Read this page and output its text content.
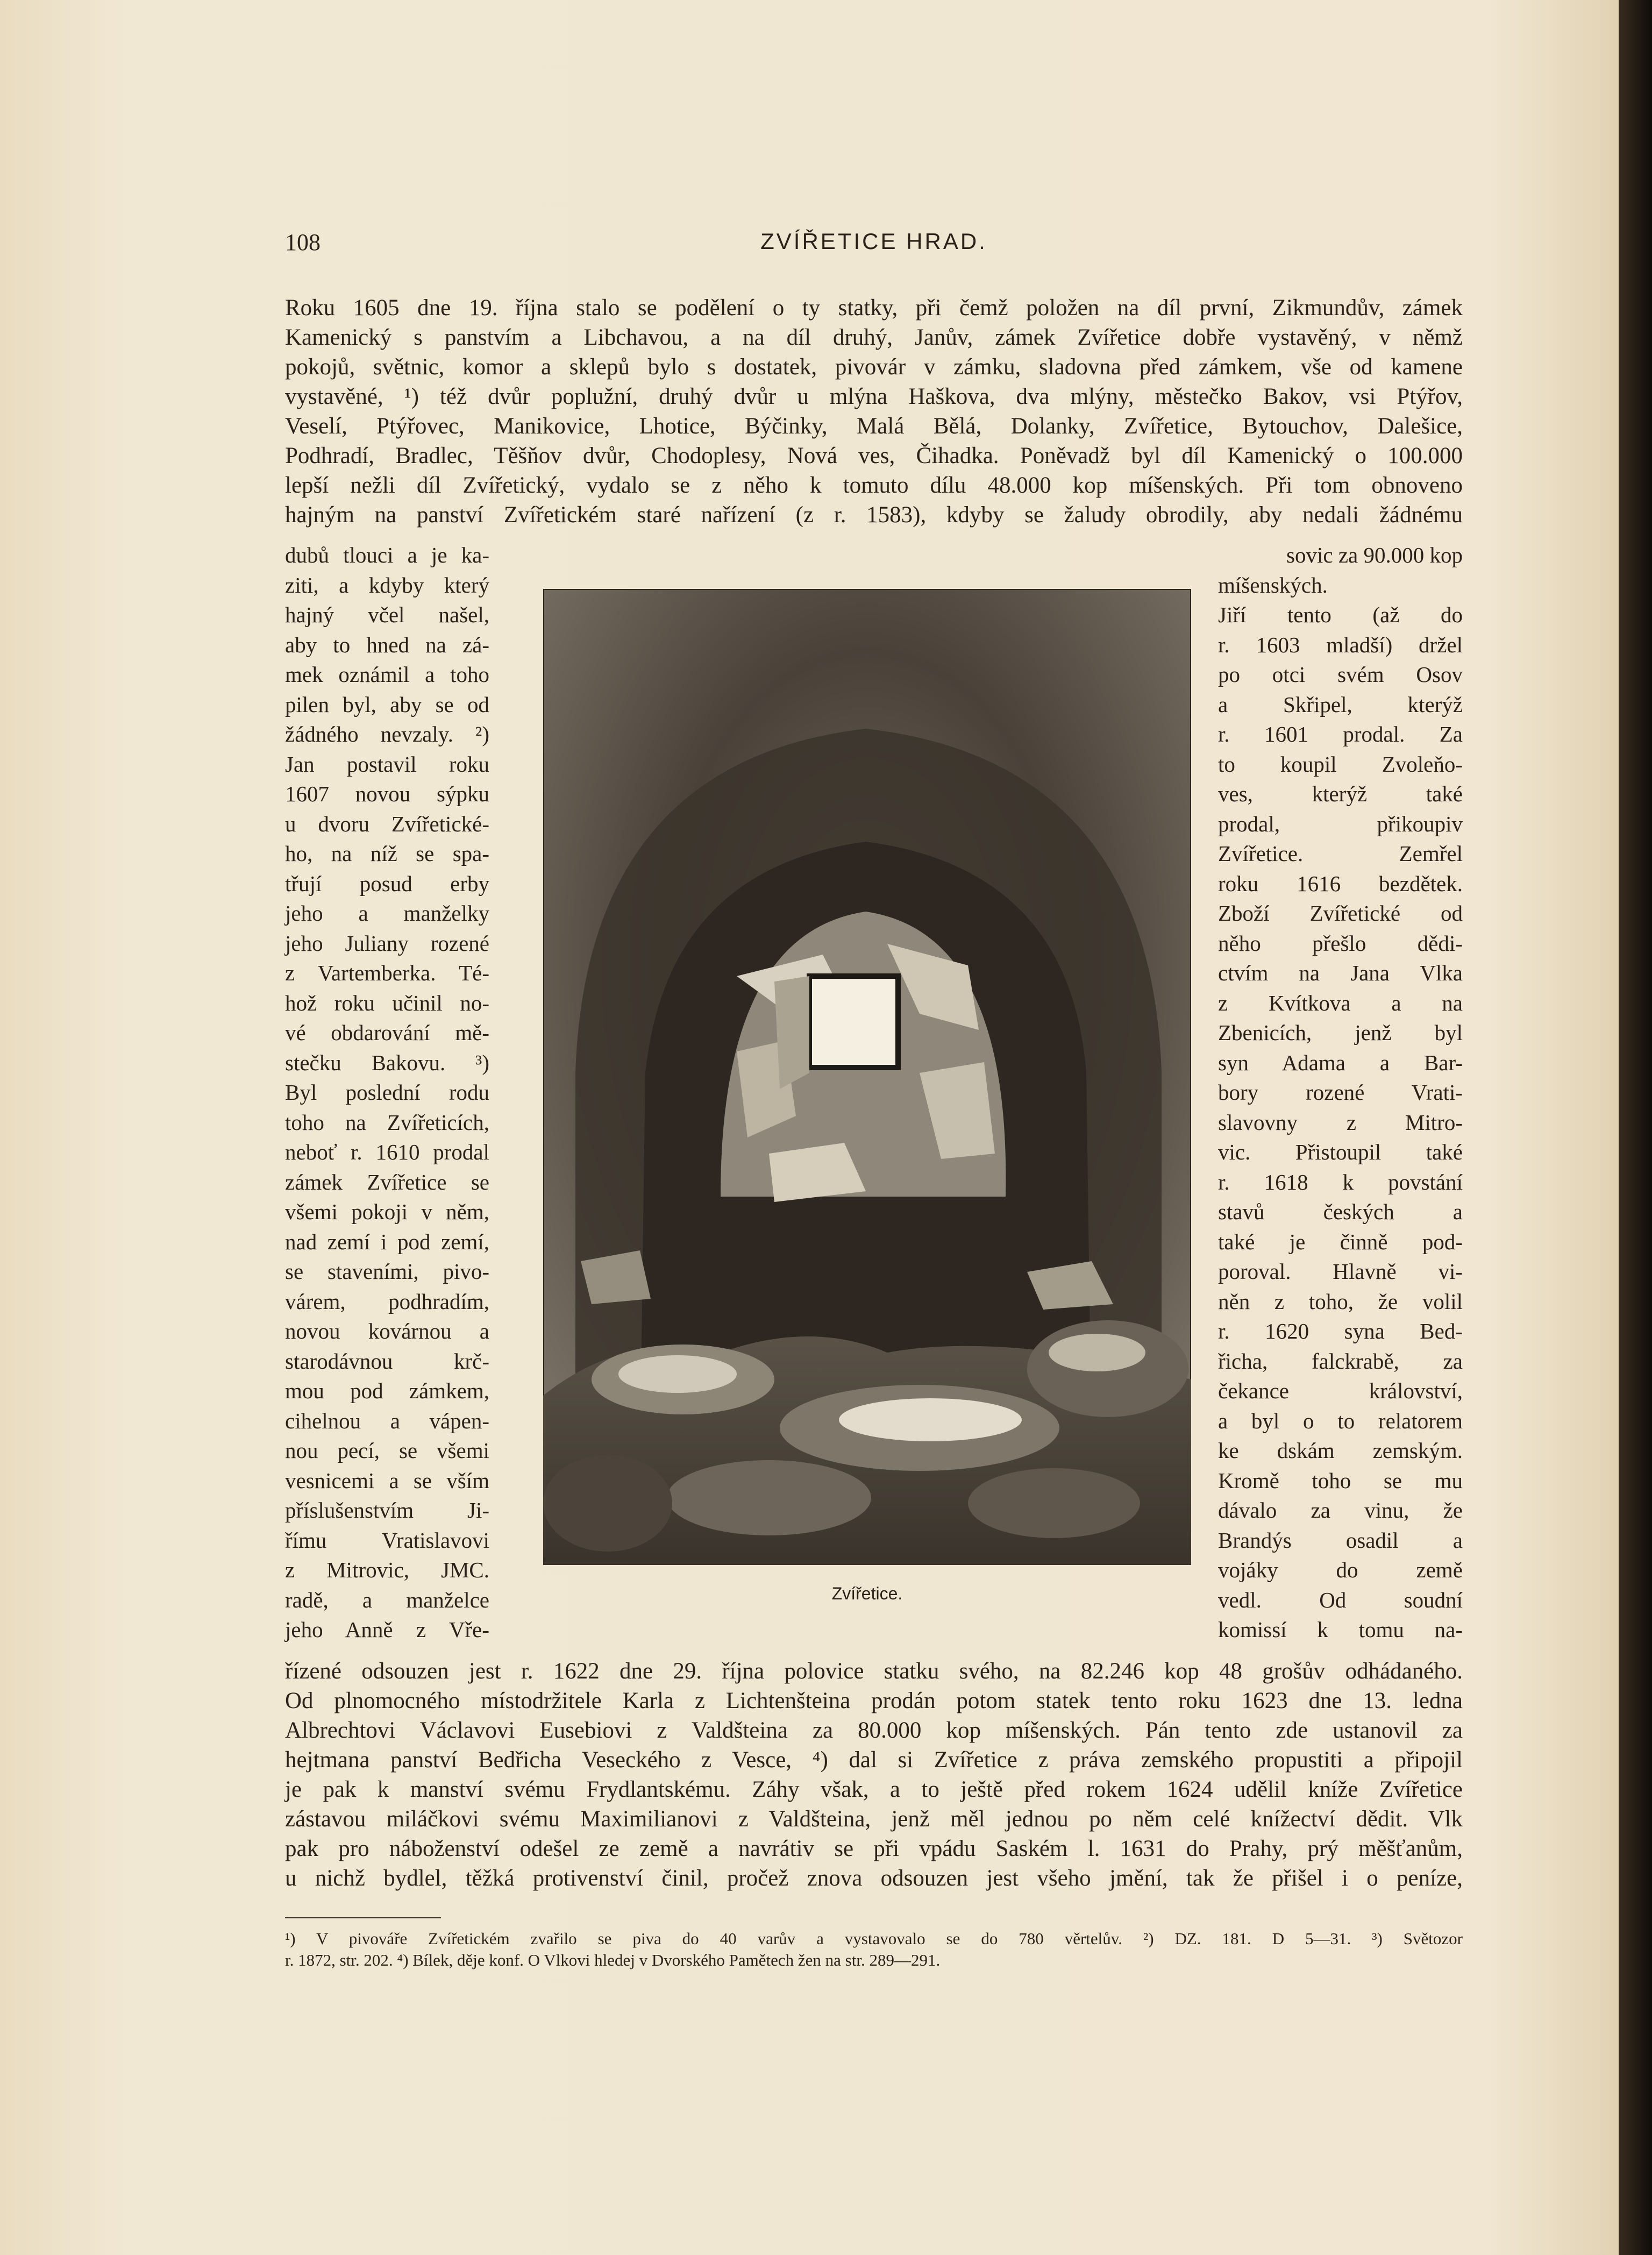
108	ZVÍŘETICE HRAD.
Roku 1605 dne 19. října stalo se podělení o ty statky, při čemž položen na díl první, Zikmundův, zámek
Kamenický s panstvím a Libchavou, a na díl druhý, Janův, zámek Zvířetice dobře vystavěný, v němž
pokojů, světnic, komor a sklepů bylo s dostatek, pivovár v zámku, sladovna před zámkem, vše od kamene
vystavěné, ¹) též dvůr poplužní, druhý dvůr u mlýna Haškova, dva mlýny, městečko Bakov, vsi Ptýřov,
Veselí, Ptýřovec, Manikovice, Lhotice, Býčinky, Malá Bělá, Dolanky, Zvířetice, Bytouchov, Dalešice,
Podhradí, Bradlec, Těšňov dvůr, Chodoplesy, Nová ves, Čihadka. Poněvadž byl díl Kamenický o 100.000
lepší nežli díl Zvířetický, vydalo se z něho k tomuto dílu 48.000 kop míšenských. Při tom obnoveno
hajným na panství Zvířetickém staré nařízení (z r. 1583), kdyby se žaludy obrodily, aby nedali žádnému
dubů tlouci a je ka-
ziti, a kdyby který
hajný včel našel,
aby to hned na zá-
mek oznámil a toho
pilen byl, aby se od
žádného nevzaly. ²)
Jan postavil roku
1607 novou sýpku
u dvoru Zvířetické-
ho, na níž se spa-
třují posud erby
jeho a manželky
jeho Juliany rozené
z Vartemberka. Té-
hož roku učinil no-
vé obdarování mě-
stečku Bakovu. ³)
Byl poslední rodu
toho na Zvířeticích,
neboť r. 1610 prodal
zámek Zvířetice se
všemi pokoji v něm,
nad zemí i pod zemí,
se staveními, pivo-
várem, podhradím,
novou kovárnou a
starodávnou krč-
mou pod zámkem,
cihelnou a vápen-
nou pecí, se všemi
vesnicemi a se vším
příslušenstvím Ji-
římu Vratislavovi
z Mitrovic, JMC.
radě, a manželce
jeho Anně z Vře-
Zvířetice.
sovic za 90.000 kop
míšenských.
Jiří tento (až do
r. 1603 mladší) držel
po otci svém Osov
a Skřipel, kterýž
r. 1601 prodal. Za
to koupil Zvoleňo-
ves, kterýž také
prodal, přikoupiv
Zvířetice. Zemřel
roku 1616 bezdětek.
Zboží Zvířetické od
něho přešlo dědi-
ctvím na Jana Vlka
z Kvítkova a na
Zbenicích, jenž byl
syn Adama a Bar-
bory rozené Vrati-
slavovny z Mitro-
vic. Přistoupil také
r. 1618 k povstání
stavů českých a
také je činně pod-
poroval. Hlavně vi-
něn z toho, že volil
r. 1620 syna Bed-
řicha, falckrabě, za
čekance království,
a byl o to relatorem
ke dskám zemským.
Kromě toho se mu
dávalo za vinu, že
Brandýs osadil a
vojáky do země
vedl. Od soudní
komissí k tomu na-
řízené odsouzen jest r. 1622 dne 29. října polovice statku svého, na 82.246 kop 48 grošův odhádaného.
Od plnomocného místodržitele Karla z Lichtenšteina prodán potom statek tento roku 1623 dne 13. ledna
Albrechtovi Václavovi Eusebiovi z Valdšteina za 80.000 kop míšenských. Pán tento zde ustanovil za
hejtmana panství Bedřicha Veseckého z Vesce, ⁴) dal si Zvířetice z práva zemského propustiti a připojil
je pak k manství svému Frydlantskému. Záhy však, a to ještě před rokem 1624 udělil kníže Zvířetice
zástavou miláčkovi svému Maximilianovi z Valdšteina, jenž měl jednou po něm celé knížectví dědit. Vlk
pak pro náboženství odešel ze země a navrátiv se při vpádu Saském l. 1631 do Prahy, prý měšťanům,
u nichž bydlel, těžká protivenství činil, pročež znova odsouzen jest všeho jmění, tak že přišel i o peníze,
¹) V pivováře Zvířetickém zvařilo se piva do 40 varův a vystavovalo se do 780 věrtelův. ²) DZ. 181. D 5—31. ³) Světozor
r. 1872, str. 202. ⁴) Bílek, děje konf. O Vlkovi hledej v Dvorského Pamětech žen na str. 289—291.
